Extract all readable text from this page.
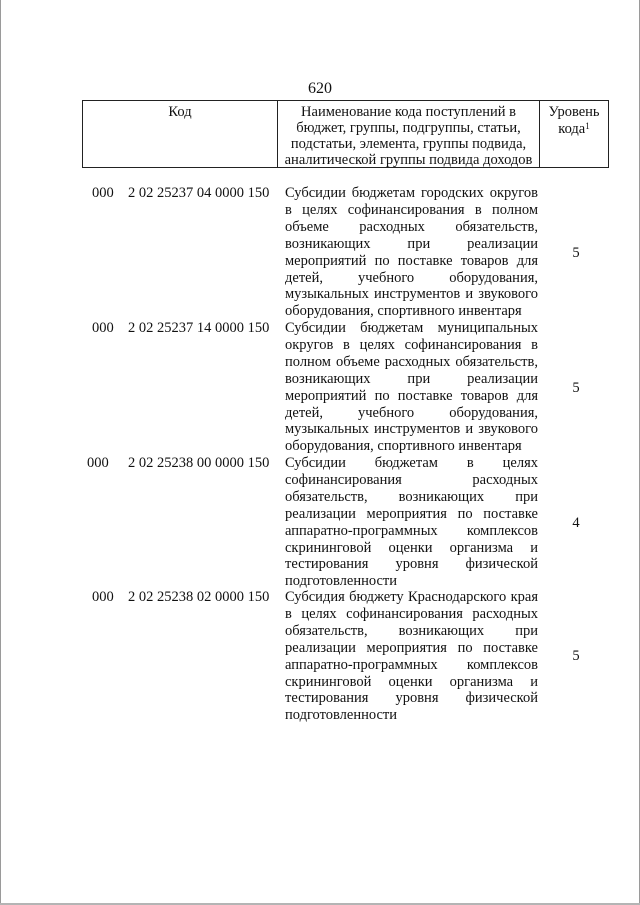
620
Код	Наименование кода поступлений в бюджет, группы, подгруппы, статьи, подстатьи, элемента, группы подвида, аналитической группы подвида доходов
Уровень кода$^1$
000 2 02 25237 04 0000 150 Субсидии бюджетам городских округов в целях софинансирования в полном объеме расходных обязательств, возникающих при реализации мероприятий по поставке товаров для детей, учебного оборудования, музыкальных инструментов и звукового оборудования, спортивного инвентаря
5
000 2 02 25237 14 0000 150 Субсидии бюджетам муниципальных округов в целях софинансирования в полном объеме расходных обязательств, возникающих при реализации мероприятий по поставке товаров для детей, учебного оборудования, музыкальных инструментов и звукового оборудования, спортивного инвентаря
5
000 2 02 25238 00 0000 150 Субсидии бюджетам в целях софинансирования расходных обязательств, возникающих при реализации мероприятия по поставке аппаратно-программных комплексов скрининговой оценки организма и тестирования уровня физической подготовленности
4
000 2 02 25238 02 0000 150 Субсидия бюджету Краснодарского края в целях софинансирования расходных обязательств, возникающих при реализации мероприятия по поставке аппаратно-программных комплексов скрининговой оценки организма и тестирования уровня физической подготовленности
5
